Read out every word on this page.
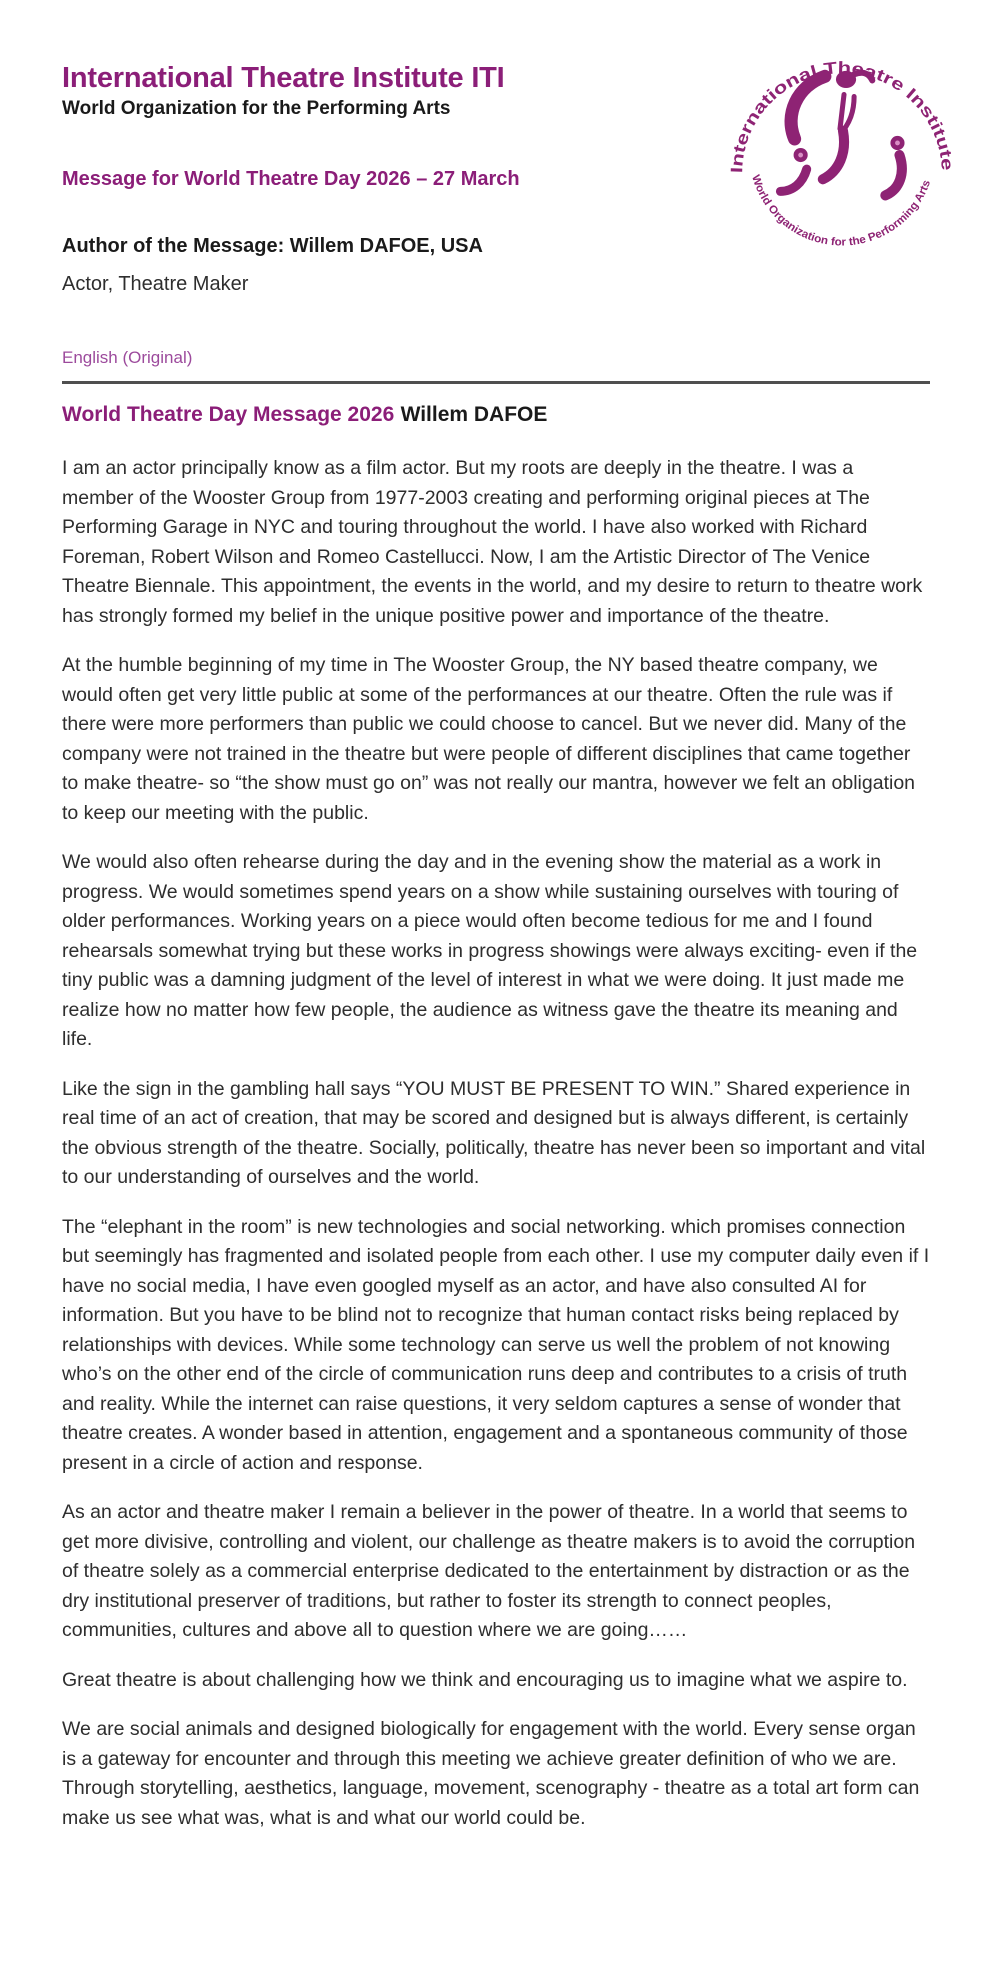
International Theatre Institute ITI
World Organization for the Performing Arts
International Theatre Institute
World Organization for the Performing Arts
Message for World Theatre Day 2026 – 27 March
Author of the Message: Willem DAFOE, USA
Actor, Theatre Maker
English (Original)
World Theatre Day Message 2026 Willem DAFOE

I am an actor principally know as a film actor. But my roots are deeply in the theatre. I was a member of the Wooster Group from 1977-2003 creating and performing original pieces at The Performing Garage in NYC and touring throughout the world. I have also worked with Richard Foreman, Robert Wilson and Romeo Castellucci. Now, I am the Artistic Director of The Venice Theatre Biennale. This appointment, the events in the world, and my desire to return to theatre work has strongly formed my belief in the unique positive power and importance of the theatre.

At the humble beginning of my time in The Wooster Group, the NY based theatre company, we would often get very little public at some of the performances at our theatre. Often the rule was if there were more performers than public we could choose to cancel. But we never did. Many of the company were not trained in the theatre but were people of different disciplines that came together to make theatre- so “the show must go on” was not really our mantra, however we felt an obligation to keep our meeting with the public.

We would also often rehearse during the day and in the evening show the material as a work in progress. We would sometimes spend years on a show while sustaining ourselves with touring of older performances. Working years on a piece would often become tedious for me and I found rehearsals somewhat trying but these works in progress showings were always exciting- even if the tiny public was a damning judgment of the level of interest in what we were doing. It just made me realize how no matter how few people, the audience as witness gave the theatre its meaning and life.

Like the sign in the gambling hall says “YOU MUST BE PRESENT TO WIN.” Shared experience in real time of an act of creation, that may be scored and designed but is always different, is certainly the obvious strength of the theatre. Socially, politically, theatre has never been so important and vital to our understanding of ourselves and the world.

The “elephant in the room” is new technologies and social networking. which promises connection but seemingly has fragmented and isolated people from each other. I use my computer daily even if I have no social media, I have even googled myself as an actor, and have also consulted AI for information. But you have to be blind not to recognize that human contact risks being replaced by relationships with devices. While some technology can serve us well the problem of not knowing who’s on the other end of the circle of communication runs deep and contributes to a crisis of truth and reality. While the internet can raise questions, it very seldom captures a sense of wonder that theatre creates. A wonder based in attention, engagement and a spontaneous community of those present in a circle of action and response.

As an actor and theatre maker I remain a believer in the power of theatre. In a world that seems to get more divisive, controlling and violent, our challenge as theatre makers is to avoid the corruption of theatre solely as a commercial enterprise dedicated to the entertainment by distraction or as the dry institutional preserver of traditions, but rather to foster its strength to connect peoples, communities, cultures and above all to question where we are going……

Great theatre is about challenging how we think and encouraging us to imagine what we aspire to.

We are social animals and designed biologically for engagement with the world. Every sense organ is a gateway for encounter and through this meeting we achieve greater definition of who we are. Through storytelling, aesthetics, language, movement, scenography - theatre as a total art form can make us see what was, what is and what our world could be.
